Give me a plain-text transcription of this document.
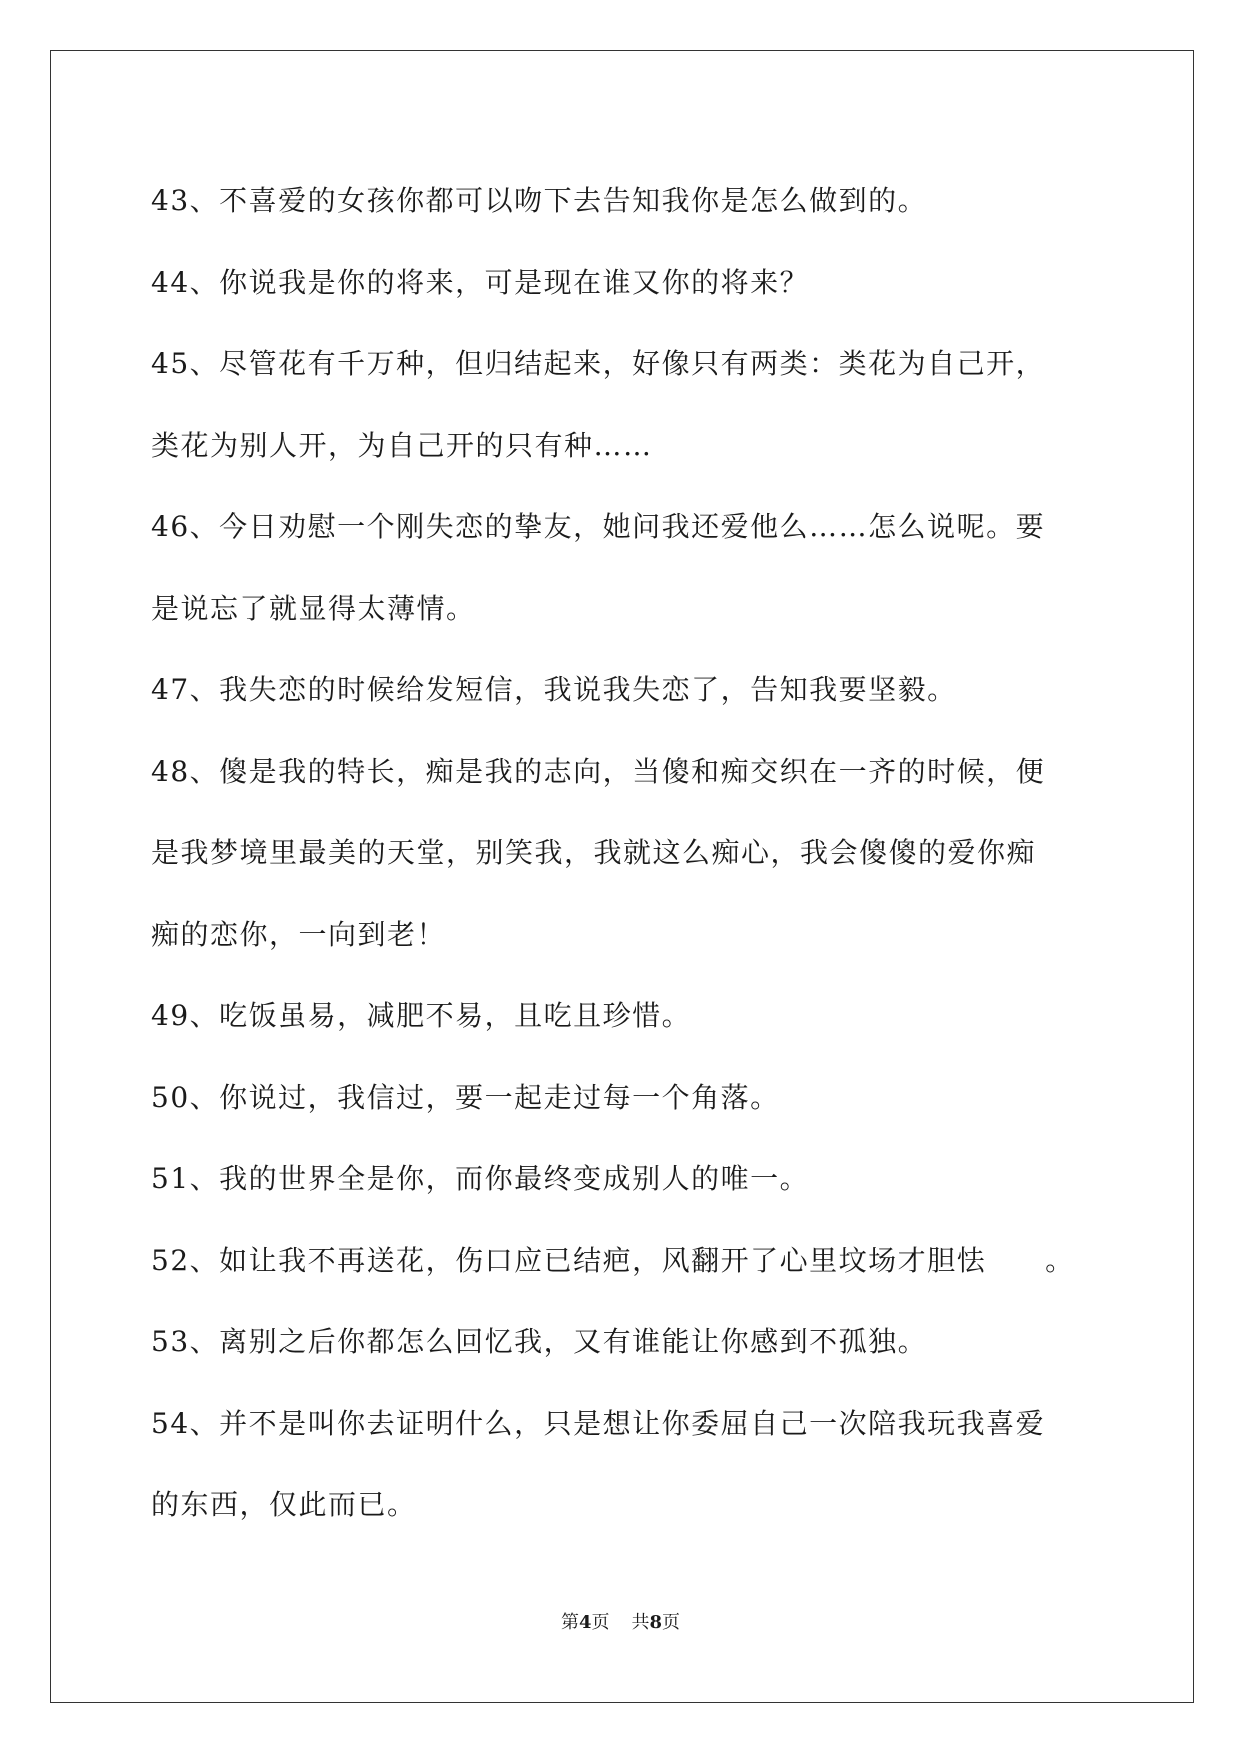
43、不喜爱的女孩你都可以吻下去告知我你是怎么做到的。

44、你说我是你的将来，可是现在谁又你的将来？

45、尽管花有千万种，但归结起来，好像只有两类：类花为自己开，

类花为别人开，为自己开的只有种……

46、今日劝慰一个刚失恋的挚友，她问我还爱他么……怎么说呢。要

是说忘了就显得太薄情。

47、我失恋的时候给发短信，我说我失恋了，告知我要坚毅。

48、傻是我的特长，痴是我的志向，当傻和痴交织在一齐的时候，便

是我梦境里最美的天堂，别笑我，我就这么痴心，我会傻傻的爱你痴

痴的恋你，一向到老！

49、吃饭虽易，减肥不易，且吃且珍惜。

50、你说过，我信过，要一起走过每一个角落。

51、我的世界全是你，而你最终变成别人的唯一。

52、如让我不再送花，伤口应已结疤，风翻开了心里坟场才胆怯　　。

53、离别之后你都怎么回忆我，又有谁能让你感到不孤独。

54、并不是叫你去证明什么，只是想让你委屈自己一次陪我玩我喜爱

的东西，仅此而已。

第4页 共8页
